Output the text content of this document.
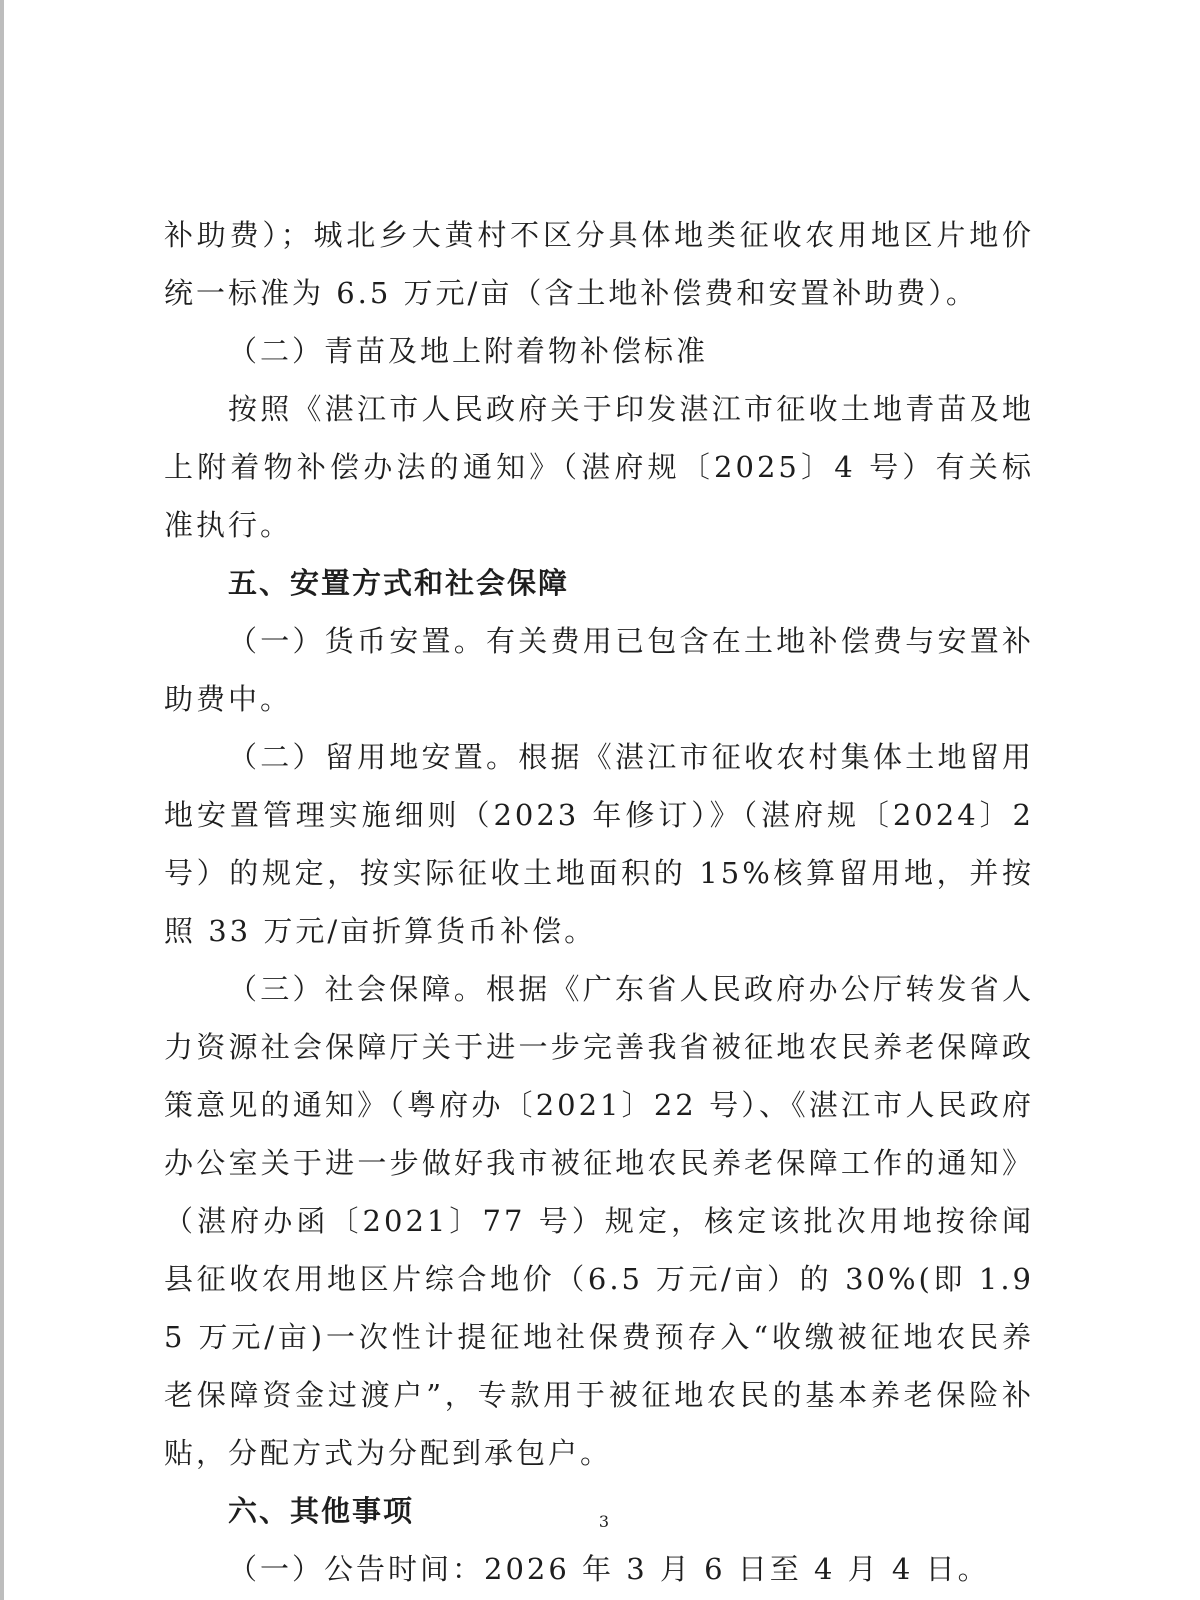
补助费）；城北乡大黄村不区分具体地类征收农用地区片地价统一标准为 6.5 万元/亩（含土地补偿费和安置补助费）。

（二）青苗及地上附着物补偿标准

按照《湛江市人民政府关于印发湛江市征收土地青苗及地上附着物补偿办法的通知》（湛府规〔2025〕4 号）有关标准执行。

五、安置方式和社会保障

（一）货币安置。有关费用已包含在土地补偿费与安置补助费中。

（二）留用地安置。根据《湛江市征收农村集体土地留用地安置管理实施细则（2023 年修订）》（湛府规〔2024〕2 号）的规定，按实际征收土地面积的 15%核算留用地，并按照 33 万元/亩折算货币补偿。

（三）社会保障。根据《广东省人民政府办公厅转发省人力资源社会保障厅关于进一步完善我省被征地农民养老保障政策意见的通知》（粤府办〔2021〕22 号）、《湛江市人民政府办公室关于进一步做好我市被征地农民养老保障工作的通知》（湛府办函〔2021〕77 号）规定，核定该批次用地按徐闻县征收农用地区片综合地价（6.5 万元/亩）的 30%(即 1.95 万元/亩)一次性计提征地社保费预存入“收缴被征地农民养老保障资金过渡户”，专款用于被征地农民的基本养老保险补贴，分配方式为分配到承包户。

六、其他事项

（一）公告时间：2026 年 3 月 6 日至 4 月 4 日。

3
